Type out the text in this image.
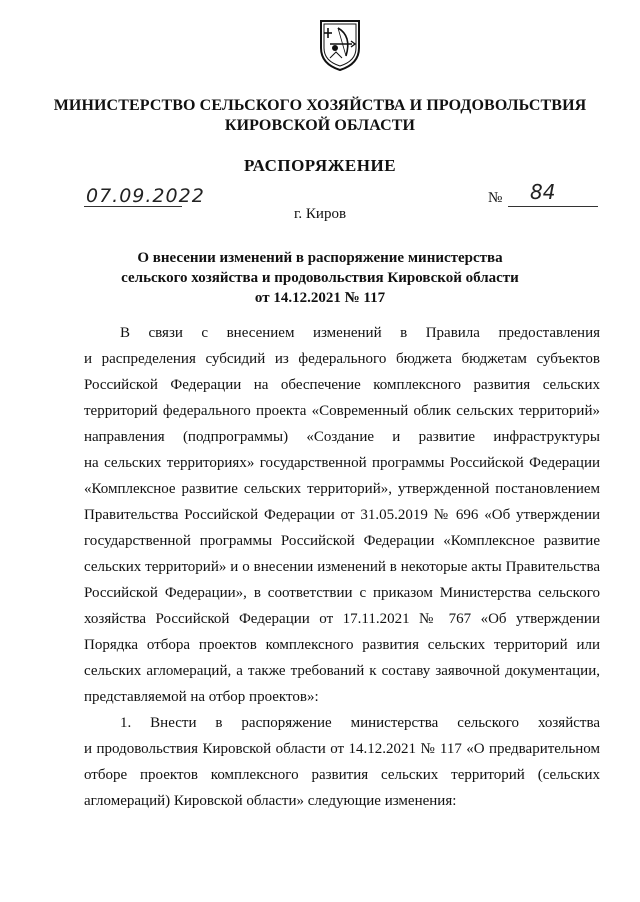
МИНИСТЕРСТВО СЕЛЬСКОГО ХОЗЯЙСТВА И ПРОДОВОЛЬСТВИЯ
КИРОВСКОЙ ОБЛАСТИ
РАСПОРЯЖЕНИЕ
07.09.2022	№ 84
г. Киров
О внесении изменений в распоряжение министерства
сельского хозяйства и продовольствия Кировской области
от 14.12.2021 № 117
В связи с внесением изменений в Правила предоставления
и распределения субсидий из федерального бюджета бюджетам субъектов
Российской Федерации на обеспечение комплексного развития сельских
территорий федерального проекта «Современный облик сельских территорий»
направления (подпрограммы) «Создание и развитие инфраструктуры
на сельских территориях» государственной программы Российской Федерации
«Комплексное развитие сельских территорий», утвержденной постановлением
Правительства Российской Федерации от 31.05.2019 № 696 «Об утверждении
государственной программы Российской Федерации «Комплексное развитие
сельских территорий» и о внесении изменений в некоторые акты Правительства
Российской Федерации», в соответствии с приказом Министерства сельского
хозяйства Российской Федерации от 17.11.2021 № 767 «Об утверждении
Порядка отбора проектов комплексного развития сельских территорий или
сельских агломераций, а также требований к составу заявочной документации,
представляемой на отбор проектов»:
1. Внести в распоряжение министерства сельского хозяйства
и продовольствия Кировской области от 14.12.2021 № 117 «О предварительном
отборе проектов комплексного развития сельских территорий (сельских
агломераций) Кировской области» следующие изменения:
